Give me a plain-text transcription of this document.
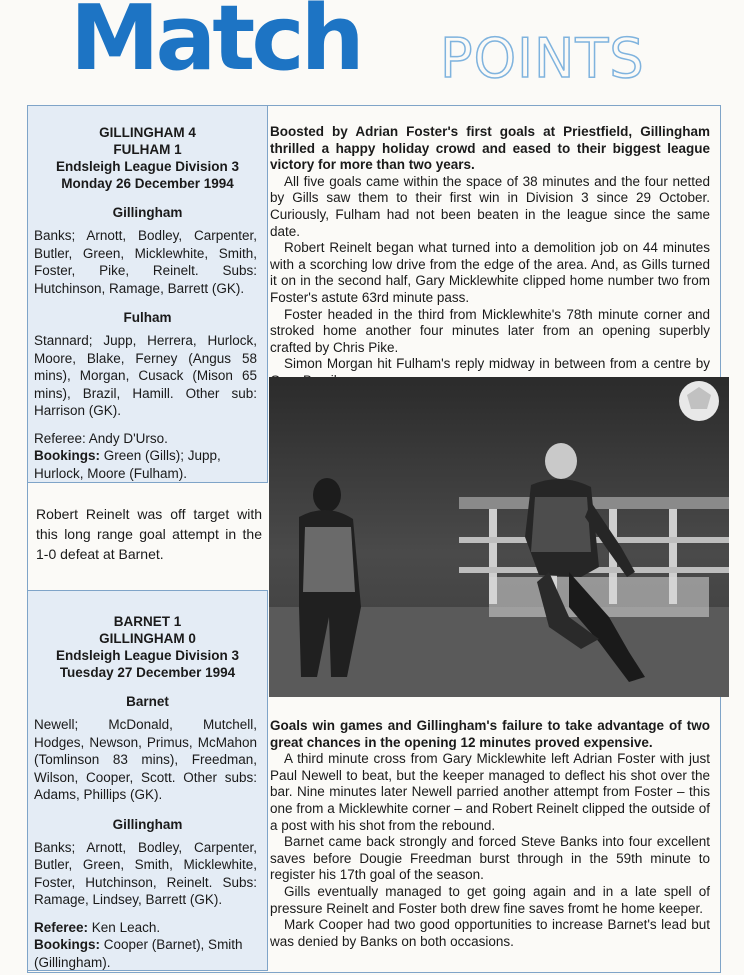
Match POINTS

GILLINGHAM 4

FULHAM 1

Endsleigh League Division 3

Monday 26 December 1994

Gillingham

Banks; Arnott, Bodley, Carpenter, Butler, Green, Micklewhite, Smith, Foster, Pike, Reinelt. Subs: Hutchinson, Ramage, Barrett (GK).

Fulham

Stannard; Jupp, Herrera, Hurlock, Moore, Blake, Ferney (Angus 58 mins), Morgan, Cusack (Mison 65 mins), Brazil, Hamill. Other sub: Harrison (GK).

Referee: Andy D'Urso.

Bookings: Green (Gills); Jupp, Hurlock, Moore (Fulham).

Robert Reinelt was off target with this long range goal attempt in the 1-0 defeat at Barnet.

BARNET 1

GILLINGHAM 0

Endsleigh League Division 3

Tuesday 27 December 1994

Barnet

Newell; McDonald, Mutchell, Hodges, Newson, Primus, McMahon (Tomlinson 83 mins), Freedman, Wilson, Cooper, Scott. Other subs: Adams, Phillips (GK).

Gillingham

Banks; Arnott, Bodley, Carpenter, Butler, Green, Smith, Micklewhite, Foster, Hutchinson, Reinelt. Subs: Ramage, Lindsey, Barrett (GK).

Referee: Ken Leach.

Bookings: Cooper (Barnet), Smith (Gillingham).

Boosted by Adrian Foster's first goals at Priestfield, Gillingham thrilled a happy holiday crowd and eased to their biggest league victory for more than two years.

All five goals came within the space of 38 minutes and the four netted by Gills saw them to their first win in Division 3 since 29 October. Curiously, Fulham had not been beaten in the league since the same date.

Robert Reinelt began what turned into a demolition job on 44 minutes with a scorching low drive from the edge of the area. And, as Gills turned it on in the second half, Gary Micklewhite clipped home number two from Foster's astute 63rd minute pass.

Foster headed in the third from Micklewhite's 78th minute corner and stroked home another four minutes later from an opening superbly crafted by Chris Pike.

Simon Morgan hit Fulham's reply midway in between from a centre by

Goals win games and Gillingham's failure to take advantage of two great chances in the opening 12 minutes proved expensive.

A third minute cross from Gary Micklewhite left Adrian Foster with just Paul Newell to beat, but the keeper managed to deflect his shot over the bar. Nine minutes later Newell parried another attempt from Foster – this one from a Micklewhite corner – and Robert Reinelt clipped the outside of a post with his shot from the rebound.

Barnet came back strongly and forced Steve Banks into four excellent saves before Dougie Freedman burst through in the 59th minute to register his 17th goal of the season.

Gills eventually managed to get going again and in a late spell of pressure Reinelt and Foster both drew fine saves fromt he home keeper.

Mark Cooper had two good opportunities to increase Barnet's lead but was denied by Banks on both occasions.
